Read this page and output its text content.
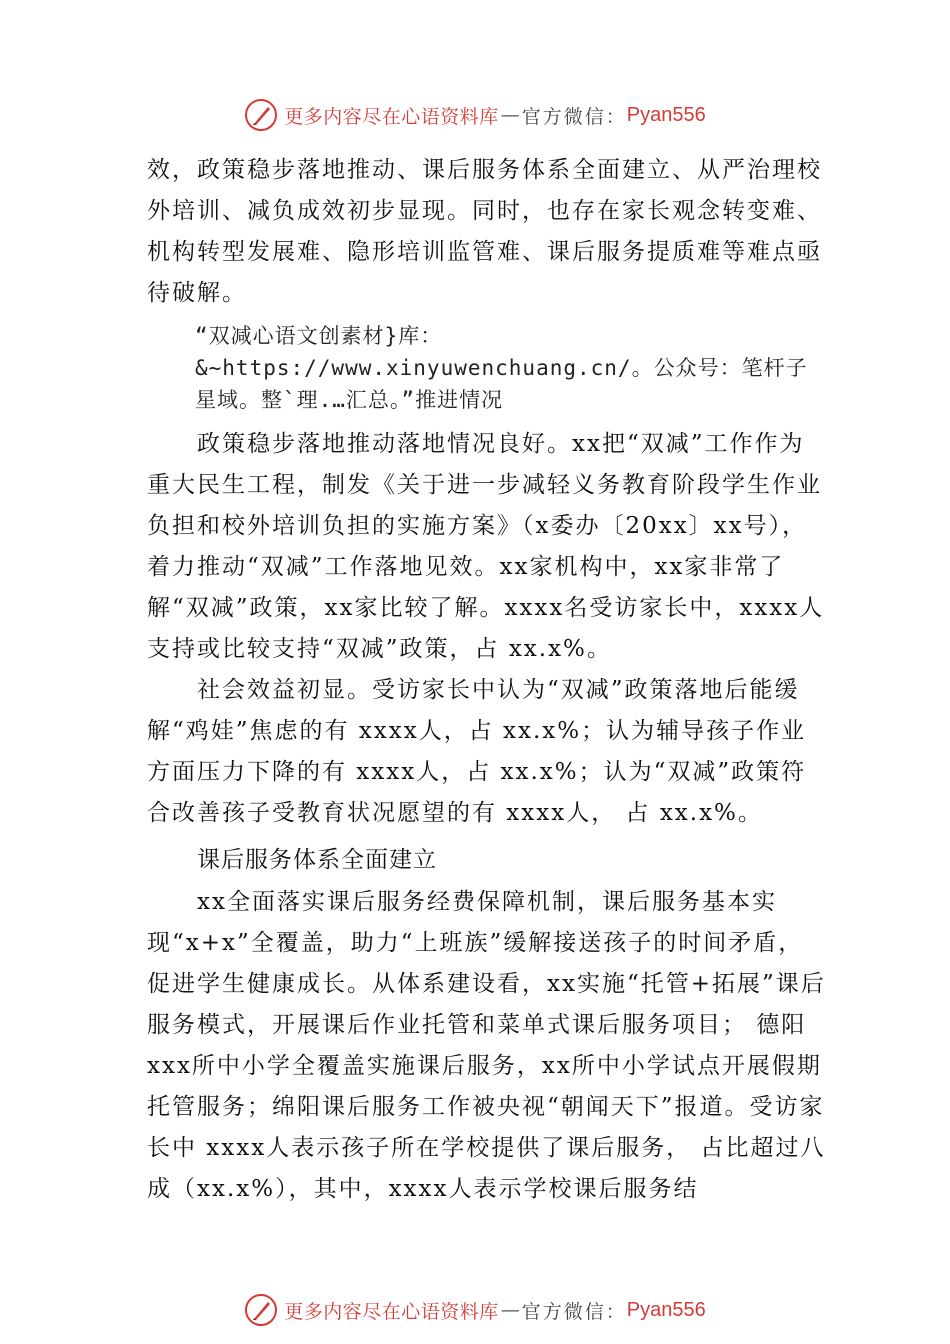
更多内容尽在心语资料库 — 官方微信： Pyan556

效，政策稳步落地推动、课后服务体系全面建立、从严治理校外培训、减负成效初步显现。同时，也存在家长观念转变难、机构转型发展难、隐形培训监管难、课后服务提质难等难点亟待破解。

“双减心语文创素材}库：&~https://www.xinyuwenchuang.cn/。公众号：笔杆子星域。整`理.…汇总。”推进情况

政策稳步落地推动落地情况良好。xx把“双减”工作作为重大民生工程，制发《关于进一步减轻义务教育阶段学生作业负担和校外培训负担的实施方案》（x委办〔20xx〕xx号），着力推动“双减”工作落地见效。xx家机构中，xx家非常了解“双减”政策，xx家比较了解。xxxx名受访家长中，xxxx人支持或比较支持“双减”政策，占 xx.x%。

社会效益初显。受访家长中认为“双减”政策落地后能缓解“鸡娃”焦虑的有 xxxx人，占 xx.x%；认为辅导孩子作业方面压力下降的有 xxxx人，占 xx.x%；认为“双减”政策符合改善孩子受教育状况愿望的有 xxxx人， 占 xx.x%。

课后服务体系全面建立

xx全面落实课后服务经费保障机制，课后服务基本实现“x+x”全覆盖，助力“上班族”缓解接送孩子的时间矛盾，促进学生健康成长。从体系建设看，xx实施“托管+拓展”课后服务模式，开展课后作业托管和菜单式课后服务项目； 德阳xxx所中小学全覆盖实施课后服务，xx所中小学试点开展假期托管服务；绵阳课后服务工作被央视“朝闻天下”报道。受访家长中 xxxx人表示孩子所在学校提供了课后服务， 占比超过八成（xx.x%），其中，xxxx人表示学校课后服务结

更多内容尽在心语资料库 — 官方微信： Pyan556
